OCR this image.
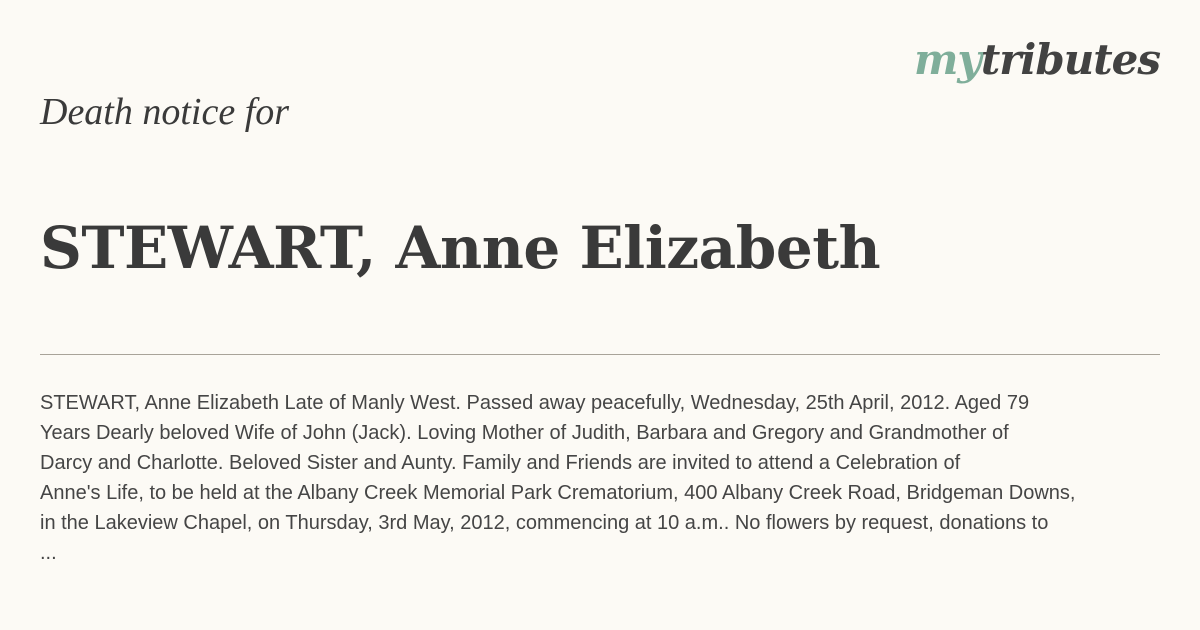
mytributes
Death notice for
STEWART, Anne Elizabeth
STEWART, Anne Elizabeth Late of Manly West. Passed away peacefully, Wednesday, 25th April, 2012. Aged 79
Years Dearly beloved Wife of John (Jack). Loving Mother of Judith, Barbara and Gregory and Grandmother of
Darcy and Charlotte. Beloved Sister and Aunty. Family and Friends are invited to attend a Celebration of
Anne's Life, to be held at the Albany Creek Memorial Park Crematorium, 400 Albany Creek Road, Bridgeman Downs,
in the Lakeview Chapel, on Thursday, 3rd May, 2012, commencing at 10 a.m.. No flowers by request, donations to
...
